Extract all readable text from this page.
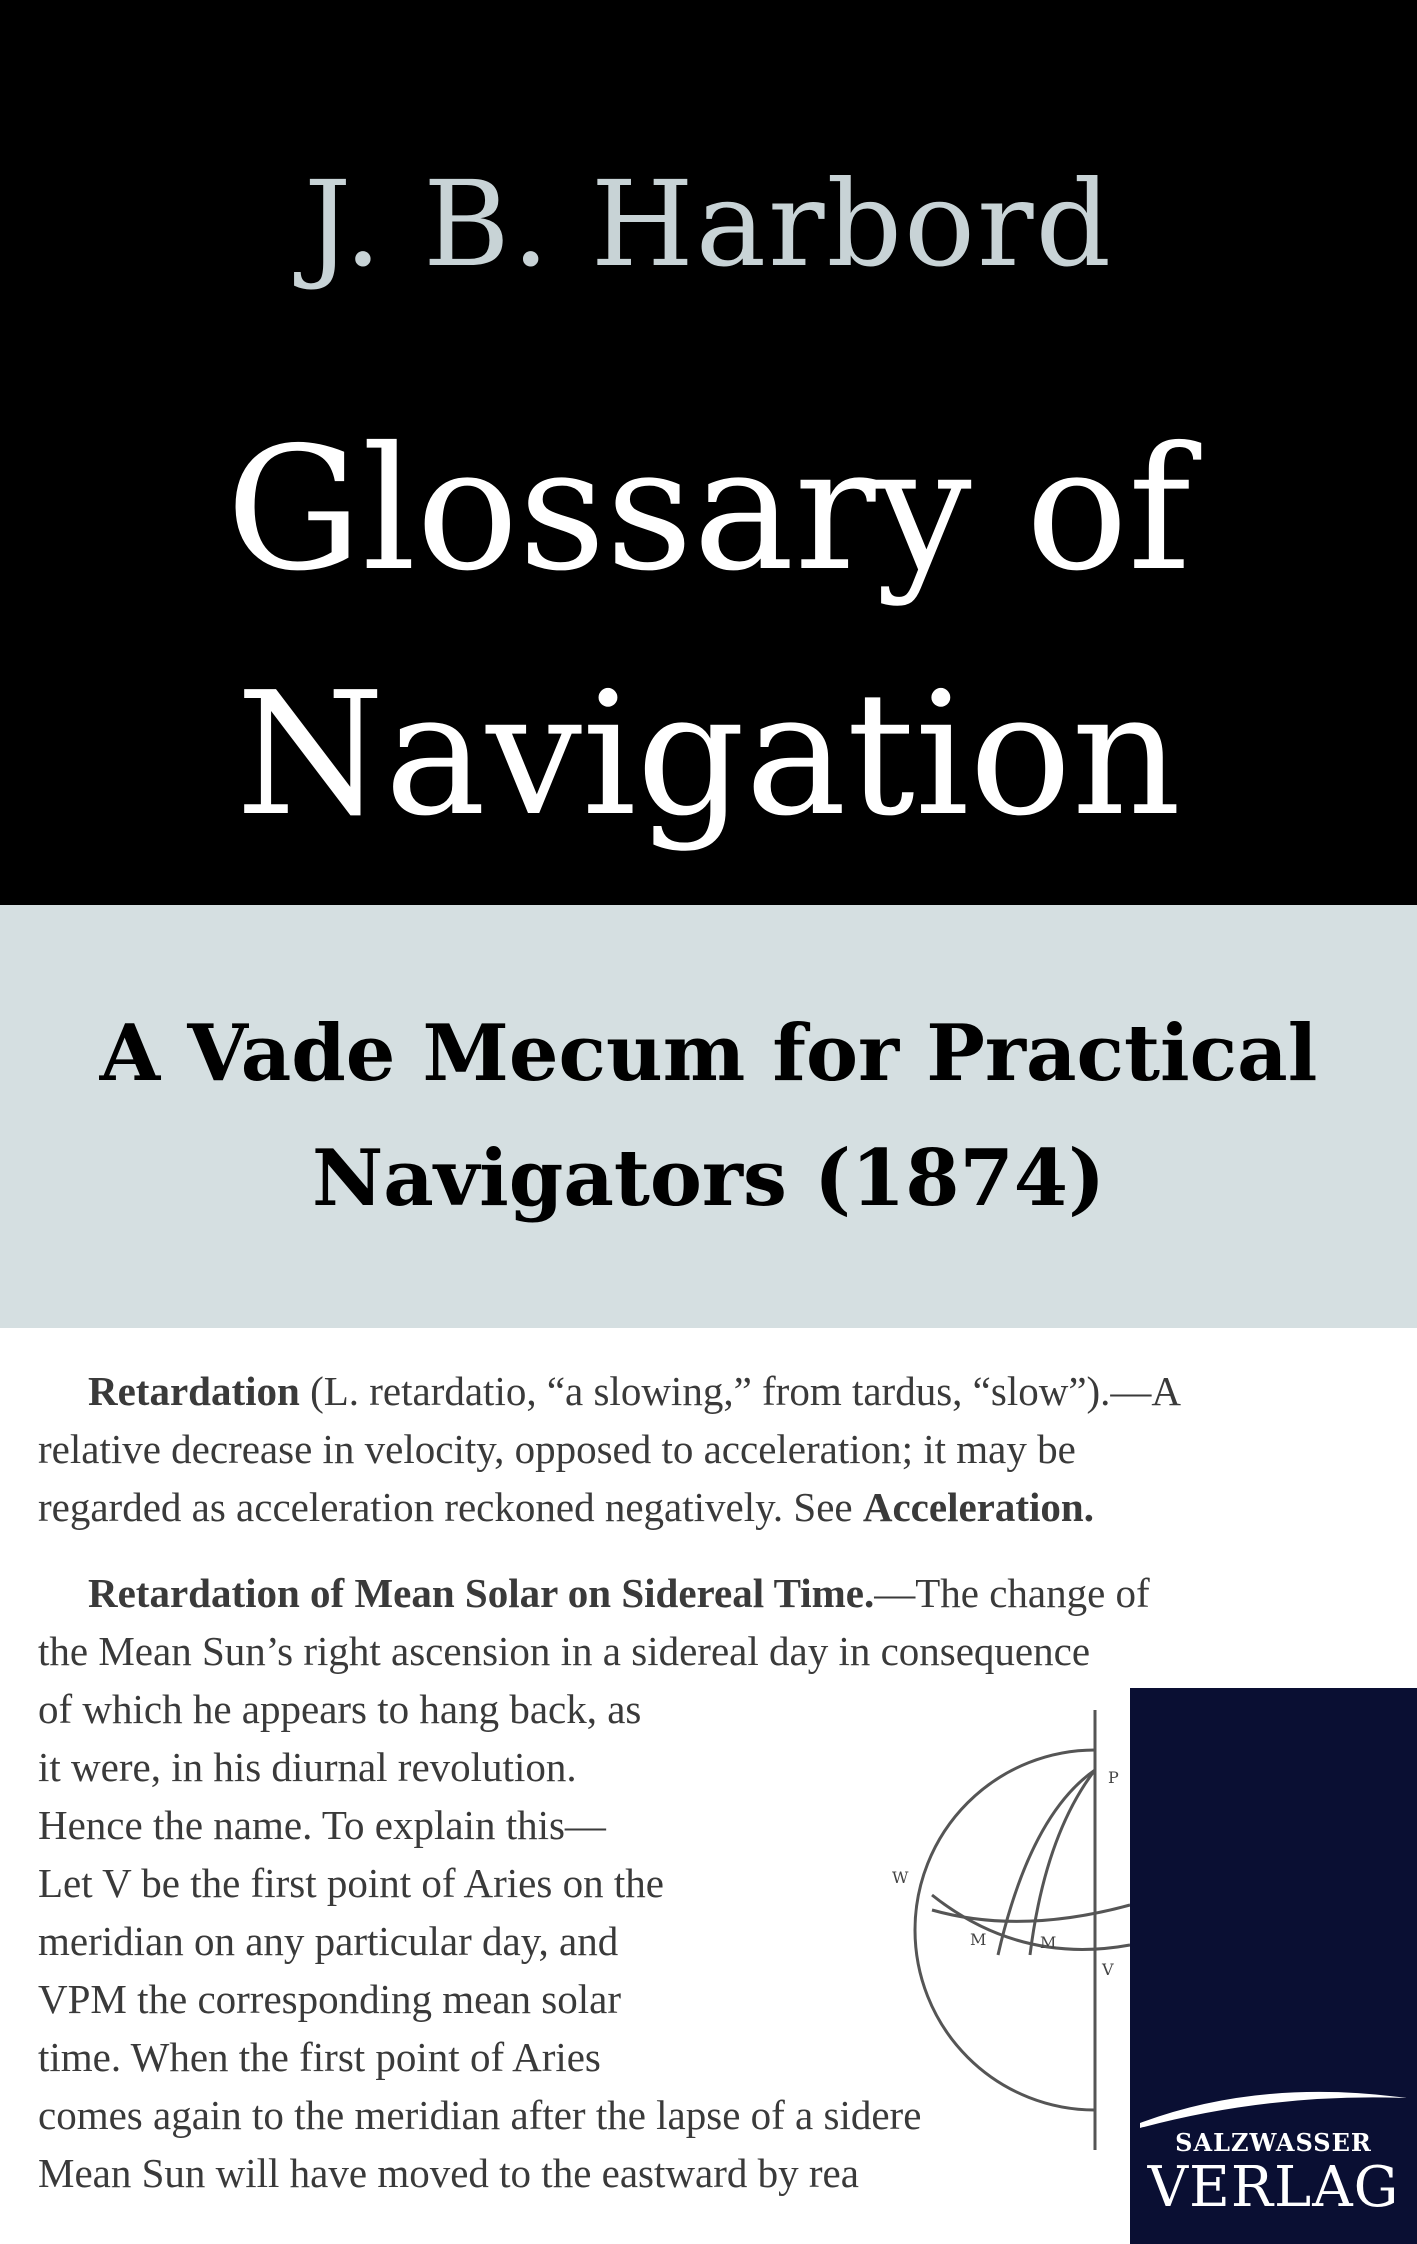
J. B. Harbord
Glossary of
Navigation
A Vade Mecum for Practical
Navigators (1874)
Retardation (L. retardatio, “a slowing,” from tardus, “slow”).—A
relative decrease in velocity, opposed to acceleration; it may be
regarded as acceleration reckoned negatively. See Acceleration.
Retardation of Mean Solar on Sidereal Time.—The change of
the Mean Sun’s right ascension in a sidereal day in consequence
of which he appears to hang back, as
it were, in his diurnal revolution.
Hence the name. To explain this—
Let V be the first point of Aries on the
meridian on any particular day, and
VPM the corresponding mean solar
time. When the first point of Aries
comes again to the meridian after the lapse of a sidere
Mean Sun will have moved to the eastward by rea
P
W
M	M
V
SALZWASSER
VERLAG
